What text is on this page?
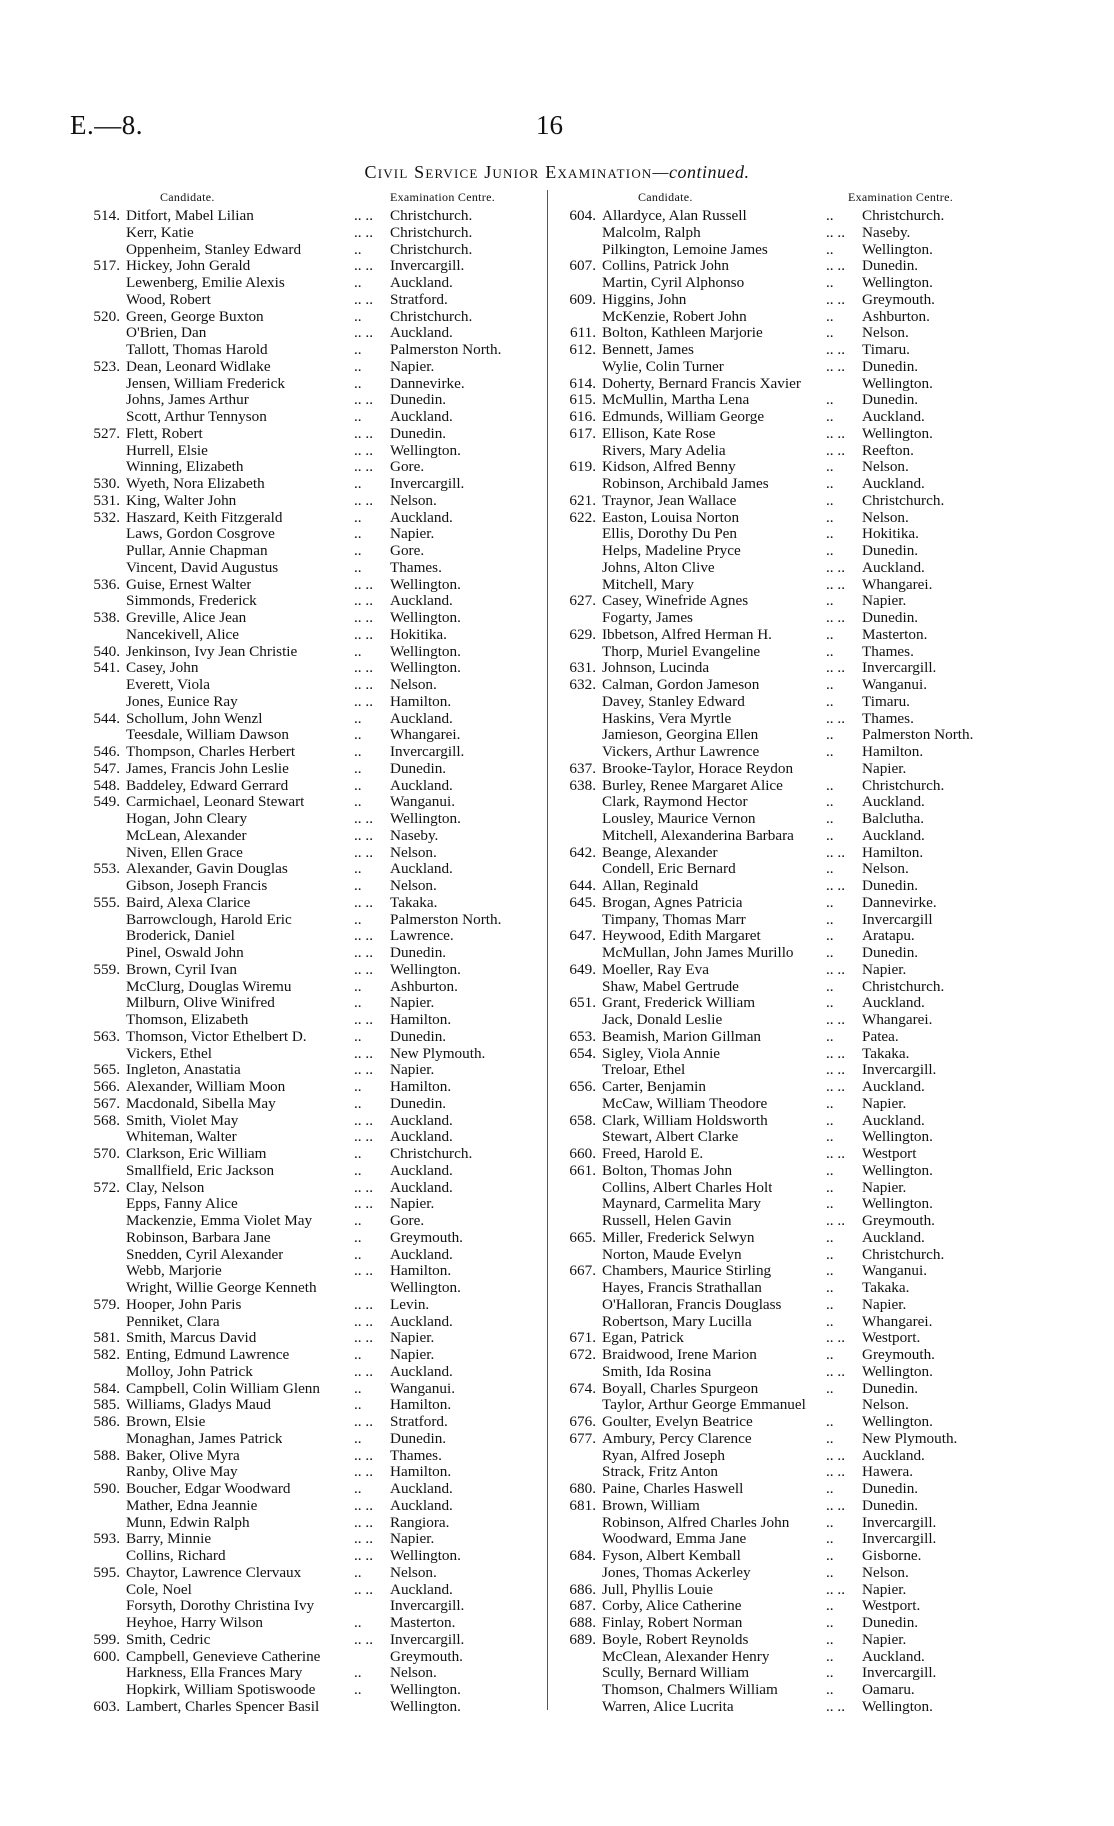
E.—8.	16
Civil Service Junior Examination—continued.
Candidate.	Examination Centre.
514. Ditfort, Mabel Lilian	.. .. Christchurch.
Kerr, Katie	.. .. Christchurch.
Oppenheim, Stanley Edward	.. Christchurch.
517. Hickey, John Gerald	.. .. Invercargill.
Lewenberg, Emilie Alexis	.. Auckland.
Wood, Robert	.. .. Stratford.
520. Green, George Buxton	.. Christchurch.
O'Brien, Dan	.. .. Auckland.
Tallott, Thomas Harold	.. Palmerston North.
523. Dean, Leonard Widlake	.. Napier.
Jensen, William Frederick	.. Dannevirke.
Johns, James Arthur	.. .. Dunedin.
Scott, Arthur Tennyson	.. Auckland.
527. Flett, Robert	.. .. Dunedin.
Hurrell, Elsie	.. .. Wellington.
Winning, Elizabeth	.. .. Gore.
530. Wyeth, Nora Elizabeth	.. Invercargill.
531. King, Walter John	.. .. Nelson.
532. Haszard, Keith Fitzgerald	.. Auckland.
Laws, Gordon Cosgrove	.. Napier.
Pullar, Annie Chapman	.. Gore.
Vincent, David Augustus	.. Thames.
536. Guise, Ernest Walter	.. .. Wellington.
Simmonds, Frederick	.. .. Auckland.
538. Greville, Alice Jean	.. .. Wellington.
Nancekivell, Alice	.. .. Hokitika.
540. Jenkinson, Ivy Jean Christie	.. Wellington.
541. Casey, John	.. .. Wellington.
Everett, Viola	.. .. Nelson.
Jones, Eunice Ray	.. .. Hamilton.
544. Schollum, John Wenzl	.. Auckland.
Teesdale, William Dawson	.. Whangarei.
546. Thompson, Charles Herbert	.. Invercargill.
547. James, Francis John Leslie	.. Dunedin.
548. Baddeley, Edward Gerrard	.. Auckland.
549. Carmichael, Leonard Stewart	.. Wanganui.
Hogan, John Cleary	.. .. Wellington.
McLean, Alexander	.. .. Naseby.
Niven, Ellen Grace	.. .. Nelson.
553. Alexander, Gavin Douglas	.. Auckland.
Gibson, Joseph Francis	.. Nelson.
555. Baird, Alexa Clarice	.. .. Takaka.
Barrowclough, Harold Eric	.. Palmerston North.
Broderick, Daniel	.. .. Lawrence.
Pinel, Oswald John	.. .. Dunedin.
559. Brown, Cyril Ivan	.. .. Wellington.
McClurg, Douglas Wiremu	.. Ashburton.
Milburn, Olive Winifred	.. Napier.
Thomson, Elizabeth	.. .. Hamilton.
563. Thomson, Victor Ethelbert D.	.. Dunedin.
Vickers, Ethel	.. .. New Plymouth.
565. Ingleton, Anastatia	.. .. Napier.
566. Alexander, William Moon	.. Hamilton.
567. Macdonald, Sibella May	.. Dunedin.
568. Smith, Violet May	.. .. Auckland.
Whiteman, Walter	.. .. Auckland.
570. Clarkson, Eric William	.. Christchurch.
Smallfield, Eric Jackson	.. Auckland.
572. Clay, Nelson	.. .. Auckland.
Epps, Fanny Alice	.. .. Napier.
Mackenzie, Emma Violet May	.. Gore.
Robinson, Barbara Jane	.. Greymouth.
Snedden, Cyril Alexander	.. Auckland.
Webb, Marjorie	.. .. Hamilton.
Wright, Willie George Kenneth	Wellington.
579. Hooper, John Paris	.. .. Levin.
Penniket, Clara	.. .. Auckland.
581. Smith, Marcus David	.. .. Napier.
582. Enting, Edmund Lawrence	.. Napier.
Molloy, John Patrick	.. .. Auckland.
584. Campbell, Colin William Glenn .. Wanganui.
585. Williams, Gladys Maud	.. Hamilton.
586. Brown, Elsie	.. .. Stratford.
Monaghan, James Patrick	.. Dunedin.
588. Baker, Olive Myra	.. .. Thames.
Ranby, Olive May	.. .. Hamilton.
590. Boucher, Edgar Woodward	.. Auckland.
Mather, Edna Jeannie	.. .. Auckland.
Munn, Edwin Ralph	.. .. Rangiora.
593. Barry, Minnie	.. .. Napier.
Collins, Richard	.. .. Wellington.
595. Chaytor, Lawrence Clervaux	.. Nelson.
Cole, Noel	.. .. Auckland.
Forsyth, Dorothy Christina Ivy	Invercargill.
Heyhoe, Harry Wilson	.. Masterton.
599. Smith, Cedric	.. .. Invercargill.
600. Campbell, Genevieve Catherine	Greymouth.
Harkness, Ella Frances Mary	.. Nelson.
Hopkirk, William Spotiswoode	.. Wellington.
603. Lambert, Charles Spencer Basil	Wellington.
Candidate.	Examination Centre.
604. Allardyce, Alan Russell	.. Christchurch.
Malcolm, Ralph	.. .. Naseby.
Pilkington, Lemoine James	.. Wellington.
607. Collins, Patrick John	.. .. Dunedin.
Martin, Cyril Alphonso	.. Wellington.
609. Higgins, John	.. .. Greymouth.
McKenzie, Robert John	.. Ashburton.
611. Bolton, Kathleen Marjorie	.. Nelson.
612. Bennett, James	.. .. Timaru.
Wylie, Colin Turner	.. .. Dunedin.
614. Doherty, Bernard Francis Xavier	Wellington.
615. McMullin, Martha Lena	.. Dunedin.
616. Edmunds, William George	.. Auckland.
617. Ellison, Kate Rose	.. .. Wellington.
Rivers, Mary Adelia	.. .. Reefton.
619. Kidson, Alfred Benny	.. Nelson.
Robinson, Archibald James	.. Auckland.
621. Traynor, Jean Wallace	.. Christchurch.
622. Easton, Louisa Norton	.. Nelson.
Ellis, Dorothy Du Pen	.. Hokitika.
Helps, Madeline Pryce	.. Dunedin.
Johns, Alton Clive	.. .. Auckland.
Mitchell, Mary	.. .. Whangarei.
627. Casey, Winefride Agnes	.. Napier.
Fogarty, James	.. .. Dunedin.
629. Ibbetson, Alfred Herman H.	.. Masterton.
Thorp, Muriel Evangeline	.. Thames.
631. Johnson, Lucinda	.. .. Invercargill.
632. Calman, Gordon Jameson	.. Wanganui.
Davey, Stanley Edward	.. Timaru.
Haskins, Vera Myrtle	.. .. Thames.
Jamieson, Georgina Ellen	.. Palmerston North.
Vickers, Arthur Lawrence	.. Hamilton.
637. Brooke-Taylor, Horace Reydon	Napier.
638. Burley, Renee Margaret Alice	.. Christchurch.
Clark, Raymond Hector	.. Auckland.
Lousley, Maurice Vernon	.. Balclutha.
Mitchell, Alexanderina Barbara .. Auckland.
642. Beange, Alexander	.. .. Hamilton.
Condell, Eric Bernard	.. Nelson.
644. Allan, Reginald	.. .. Dunedin.
645. Brogan, Agnes Patricia	.. Dannevirke.
Timpany, Thomas Marr	.. Invercargill
647. Heywood, Edith Margaret	.. Aratapu.
McMullan, John James Murillo .. Dunedin.
649. Moeller, Ray Eva	.. .. Napier.
Shaw, Mabel Gertrude	.. Christchurch.
651. Grant, Frederick William	.. Auckland.
Jack, Donald Leslie	.. .. Whangarei.
653. Beamish, Marion Gillman	.. Patea.
654. Sigley, Viola Annie	.. .. Takaka.
Treloar, Ethel	.. .. Invercargill.
656. Carter, Benjamin	.. .. Auckland.
McCaw, William Theodore	.. Napier.
658. Clark, William Holdsworth	.. Auckland.
Stewart, Albert Clarke	.. Wellington.
660. Freed, Harold E.	.. .. Westport
661. Bolton, Thomas John	.. Wellington.
Collins, Albert Charles Holt	.. Napier.
Maynard, Carmelita Mary	.. Wellington.
Russell, Helen Gavin	.. .. Greymouth.
665. Miller, Frederick Selwyn	.. Auckland.
Norton, Maude Evelyn	.. Christchurch.
667. Chambers, Maurice Stirling	.. Wanganui.
Hayes, Francis Strathallan	.. Takaka.
O'Halloran, Francis Douglass	.. Napier.
Robertson, Mary Lucilla	.. Whangarei.
671. Egan, Patrick	.. .. Westport.
672. Braidwood, Irene Marion	.. Greymouth.
Smith, Ida Rosina	.. .. Wellington.
674. Boyall, Charles Spurgeon	.. Dunedin.
Taylor, Arthur George Emmanuel	Nelson.
676. Goulter, Evelyn Beatrice	.. Wellington.
677. Ambury, Percy Clarence	.. New Plymouth.
Ryan, Alfred Joseph	.. .. Auckland.
Strack, Fritz Anton	.. .. Hawera.
680. Paine, Charles Haswell	.. Dunedin.
681. Brown, William	.. .. Dunedin.
Robinson, Alfred Charles John .. Invercargill.
Woodward, Emma Jane	.. Invercargill.
684. Fyson, Albert Kemball	.. Gisborne.
Jones, Thomas Ackerley	.. Nelson.
686. Jull, Phyllis Louie	.. .. Napier.
687. Corby, Alice Catherine	.. Westport.
688. Finlay, Robert Norman	.. Dunedin.
689. Boyle, Robert Reynolds	.. Napier.
McClean, Alexander Henry	.. Auckland.
Scully, Bernard William	.. Invercargill.
Thomson, Chalmers William	.. Oamaru.
Warren, Alice Lucrita	.. .. Wellington.
